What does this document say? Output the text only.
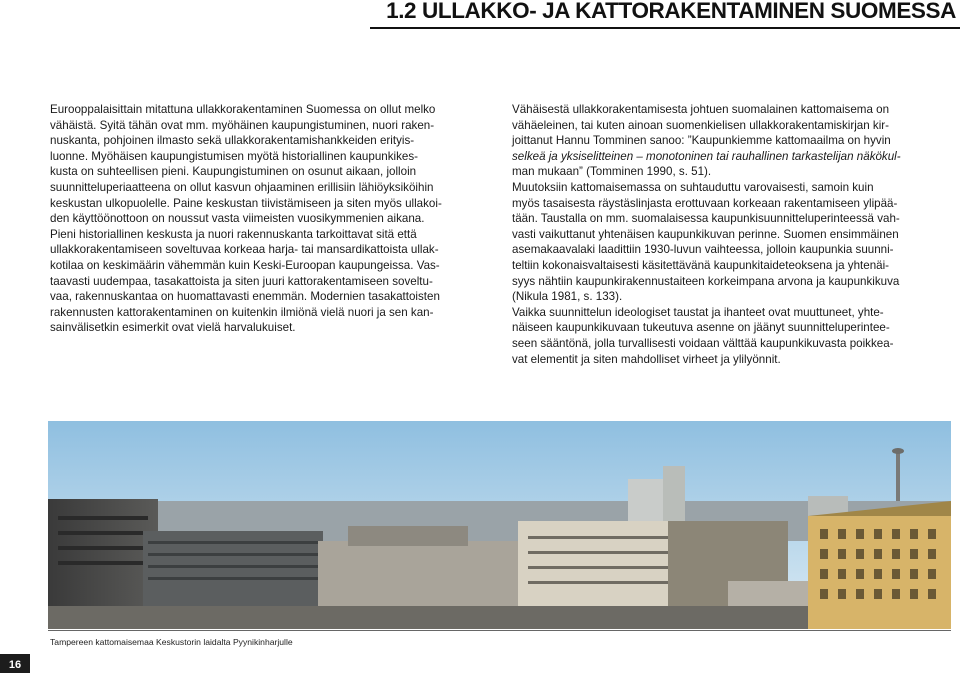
1.2 ULLAKKO- JA KATTORAKENTAMINEN SUOMESSA

Eurooppalaisittain mitattuna ullakkorakentaminen Suomessa on ollut melko

vähäistä. Syitä tähän ovat mm. myöhäinen kaupungistuminen, nuori raken-

nuskanta, pohjoinen ilmasto sekä ullakkorakentamishankkeiden erityis-

luonne. Myöhäisen kaupungistumisen myötä historiallinen kaupunkikes-

kusta on suhteellisen pieni. Kaupungistuminen on osunut aikaan, jolloin

suunnitteluperiaatteena on ollut kasvun ohjaaminen erillisiin lähiöyksiköihin

keskustan ulkopuolelle. Paine keskustan tiivistämiseen ja siten myös ullakoi-

den käyttöönottoon on noussut vasta viimeisten vuosikymmenien aikana.

Pieni historiallinen keskusta ja nuori rakennuskanta tarkoittavat sitä että

ullakkorakentamiseen soveltuvaa korkeaa harja- tai mansardikattoista ullak-

kotilaa on keskimäärin vähemmän kuin Keski-Euroopan kaupungeissa. Vas-

taavasti uudempaa, tasakattoista ja siten juuri kattorakentamiseen soveltu-

vaa, rakennuskantaa on huomattavasti enemmän. Modernien tasakattoisten

rakennusten kattorakentaminen on kuitenkin ilmiönä vielä nuori ja sen kan-

sainvälisetkin esimerkit ovat vielä harvalukuiset.

Vähäisestä ullakkorakentamisesta johtuen suomalainen kattomaisema on

vähäeleinen, tai kuten ainoan suomenkielisen ullakkorakentamiskirjan kir-

joittanut Hannu Tomminen sanoo: ”Kaupunkiemme kattomaailma on hyvin

selkeä ja yksiselitteinen – monotoninen tai rauhallinen tarkastelijan näkökul-

man mukaan” (Tomminen 1990, s. 51).

Muutoksiin kattomaisemassa on suhtauduttu varovaisesti, samoin kuin

myös tasaisesta räystäslinjasta erottuvaan korkeaan rakentamiseen ylipää-

tään. Taustalla on mm. suomalaisessa kaupunkisuunnitteluperinteessä vah-

vasti vaikuttanut yhtenäisen kaupunkikuvan perinne. Suomen ensimmäinen

asemakaavalaki laadittiin 1930-luvun vaihteessa, jolloin kaupunkia suunni-

teltiin kokonaisvaltaisesti käsitettävänä kaupunkitaideteoksena ja yhtenäi-

syys nähtiin kaupunkirakennustaiteen korkeimpana arvona ja kaupunkikuva

(Nikula 1981, s. 133).

Vaikka suunnittelun ideologiset taustat ja ihanteet ovat muuttuneet, yhte-

näiseen kaupunkikuvaan tukeutuva asenne on jäänyt suunnitteluperintee-

seen sääntönä, jolla turvallisesti voidaan välttää kaupunkikuvasta poikkea-

vat elementit ja siten mahdolliset virheet ja ylilyönnit.

Tampereen kattomaisemaa Keskustorin laidalta Pyynikinharjulle
16
